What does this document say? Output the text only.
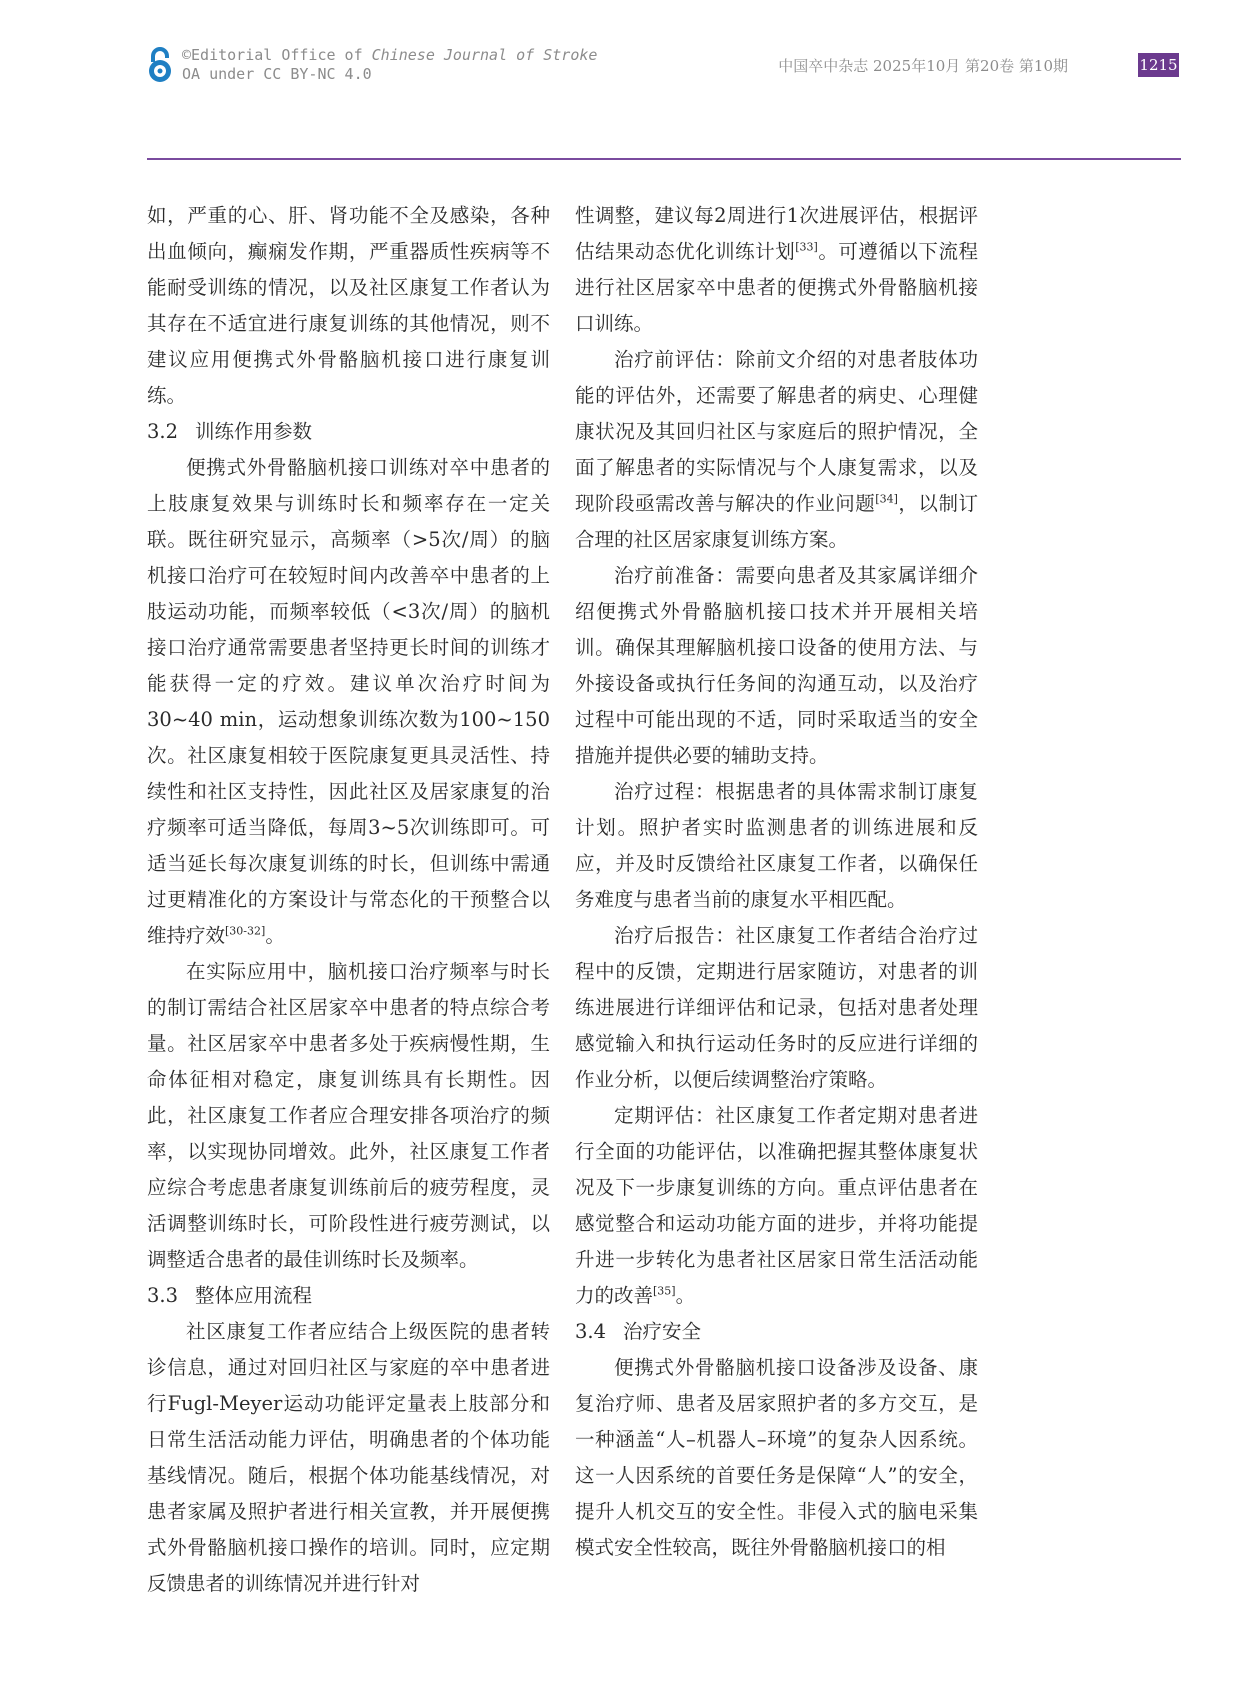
©Editorial Office of Chinese Journal of Stroke
OA under CC BY-NC 4.0	中国卒中杂志 2025年10月 第20卷 第10期	1215

如，严重的心、肝、肾功能不全及感染，各种出血倾向，癫痫发作期，严重器质性疾病等不能耐受训练的情况，以及社区康复工作者认为其存在不适宜进行康复训练的其他情况，则不建议应用便携式外骨骼脑机接口进行康复训练。

3.2 训练作用参数

便携式外骨骼脑机接口训练对卒中患者的上肢康复效果与训练时长和频率存在一定关联。既往研究显示，高频率（>5次/周）的脑机接口治疗可在较短时间内改善卒中患者的上肢运动功能，而频率较低（<3次/周）的脑机接口治疗通常需要患者坚持更长时间的训练才能获得一定的疗效。建议单次治疗时间为30~40 min，运动想象训练次数为100~150次。社区康复相较于医院康复更具灵活性、持续性和社区支持性，因此社区及居家康复的治疗频率可适当降低，每周3~5次训练即可。可适当延长每次康复训练的时长，但训练中需通过更精准化的方案设计与常态化的干预整合以维持疗效[30-32]。

在实际应用中，脑机接口治疗频率与时长的制订需结合社区居家卒中患者的特点综合考量。社区居家卒中患者多处于疾病慢性期，生命体征相对稳定，康复训练具有长期性。因此，社区康复工作者应合理安排各项治疗的频率，以实现协同增效。此外，社区康复工作者应综合考虑患者康复训练前后的疲劳程度，灵活调整训练时长，可阶段性进行疲劳测试，以调整适合患者的最佳训练时长及频率。

3.3 整体应用流程

社区康复工作者应结合上级医院的患者转诊信息，通过对回归社区与家庭的卒中患者进行Fugl-Meyer运动功能评定量表上肢部分和日常生活活动能力评估，明确患者的个体功能基线情况。随后，根据个体功能基线情况，对患者家属及照护者进行相关宣教，并开展便携式外骨骼脑机接口操作的培训。同时，应定期反馈患者的训练情况并进行针对

性调整，建议每2周进行1次进展评估，根据评估结果动态优化训练计划[33]。可遵循以下流程进行社区居家卒中患者的便携式外骨骼脑机接口训练。

治疗前评估：除前文介绍的对患者肢体功能的评估外，还需要了解患者的病史、心理健康状况及其回归社区与家庭后的照护情况，全面了解患者的实际情况与个人康复需求，以及现阶段亟需改善与解决的作业问题[34]，以制订合理的社区居家康复训练方案。

治疗前准备：需要向患者及其家属详细介绍便携式外骨骼脑机接口技术并开展相关培训。确保其理解脑机接口设备的使用方法、与外接设备或执行任务间的沟通互动，以及治疗过程中可能出现的不适，同时采取适当的安全措施并提供必要的辅助支持。

治疗过程：根据患者的具体需求制订康复计划。照护者实时监测患者的训练进展和反应，并及时反馈给社区康复工作者，以确保任务难度与患者当前的康复水平相匹配。

治疗后报告：社区康复工作者结合治疗过程中的反馈，定期进行居家随访，对患者的训练进展进行详细评估和记录，包括对患者处理感觉输入和执行运动任务时的反应进行详细的作业分析，以便后续调整治疗策略。

定期评估：社区康复工作者定期对患者进行全面的功能评估，以准确把握其整体康复状况及下一步康复训练的方向。重点评估患者在感觉整合和运动功能方面的进步，并将功能提升进一步转化为患者社区居家日常生活活动能力的改善[35]。

3.4 治疗安全

便携式外骨骼脑机接口设备涉及设备、康复治疗师、患者及居家照护者的多方交互，是一种涵盖“人–机器人–环境”的复杂人因系统。这一人因系统的首要任务是保障“人”的安全，提升人机交互的安全性。非侵入式的脑电采集模式安全性较高，既往外骨骼脑机接口的相
